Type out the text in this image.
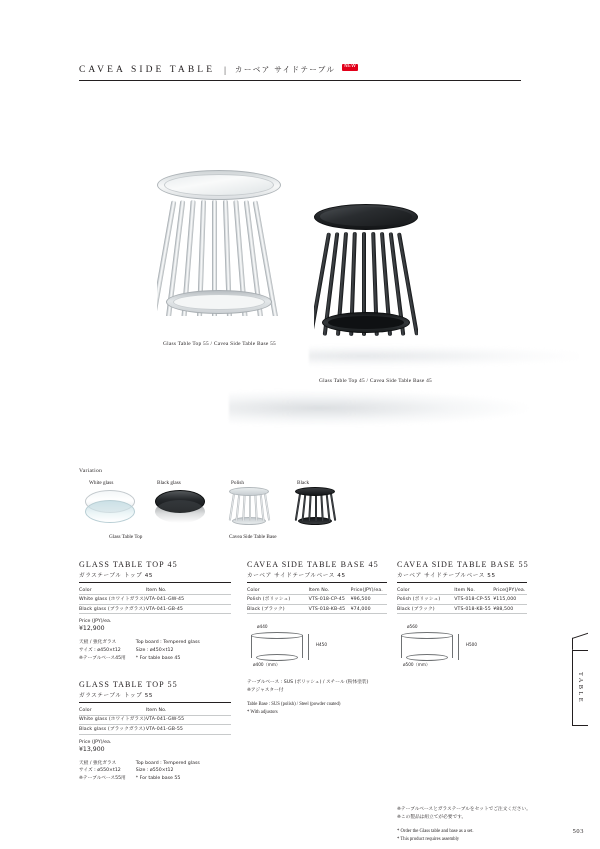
CAVEA SIDE TABLE | カーベア サイドテーブル	NEW
Glass Table Top 55 / Cavea Side Table Base 55
Glass Table Top 45 / Cavea Side Table Base 45
Variation
White glass	Black glass	Polish	Black
Glass Table Top	Cavea Side Table Base
GLASS TABLE TOP 45
ガラステーブル トップ 45
Color	Item No.	
White glass (ホワイトガラス)	VTA-041-GW-45	
Black glass (ブラックガラス)	VTA-041-GB-45	
Price (JPY)/ea.
¥12,900
天板 / 強化ガラス
サイズ : ø450×t12
※テーブルベース45用
Top board : Tempered glass
Size : ø450×t12
* For table base 45
GLASS TABLE TOP 55
ガラステーブル トップ 55
Color	Item No.	
White glass (ホワイトガラス)	VTA-041-GW-55	
Black glass (ブラックガラス)	VTA-041-GB-55	
Price (JPY)/ea.
¥13,900
天板 / 強化ガラス
サイズ : ø550×t12
※テーブルベース55用
Top board : Tempered glass
Size : ø550×t12
* For table base 55
CAVEA SIDE TABLE BASE 45
カーベア サイドテーブルベース 45
Color	Item No.	Price(JPY)/ea.
Polish (ポリッシュ)	VTS-018-CP-45	¥96,500
Black (ブラック)	VTS-018-KB-45	¥74,000
ø440
ø400（mm）
H450
テーブルベース : SUS (ポリッシュ) / スチール (粉体塗装)
※アジャスター付
Table Base : SUS (polish) / Steel (powder coated)
* With adjustors
CAVEA SIDE TABLE BASE 55
カーベア サイドテーブルベース 55
Color	Item No.	Price(JPY)/ea.
Polish (ポリッシュ)	VTS-018-CP-55	¥115,000
Black (ブラック)	VTS-018-KB-55	¥88,500
ø560
ø500（mm）
H500
※テーブルベースとガラステーブルをセットでご注文ください。
※この製品は組立てが必要です。
* Order the Glass table and base as a set.
* This product requires assembly
TABLE
503
